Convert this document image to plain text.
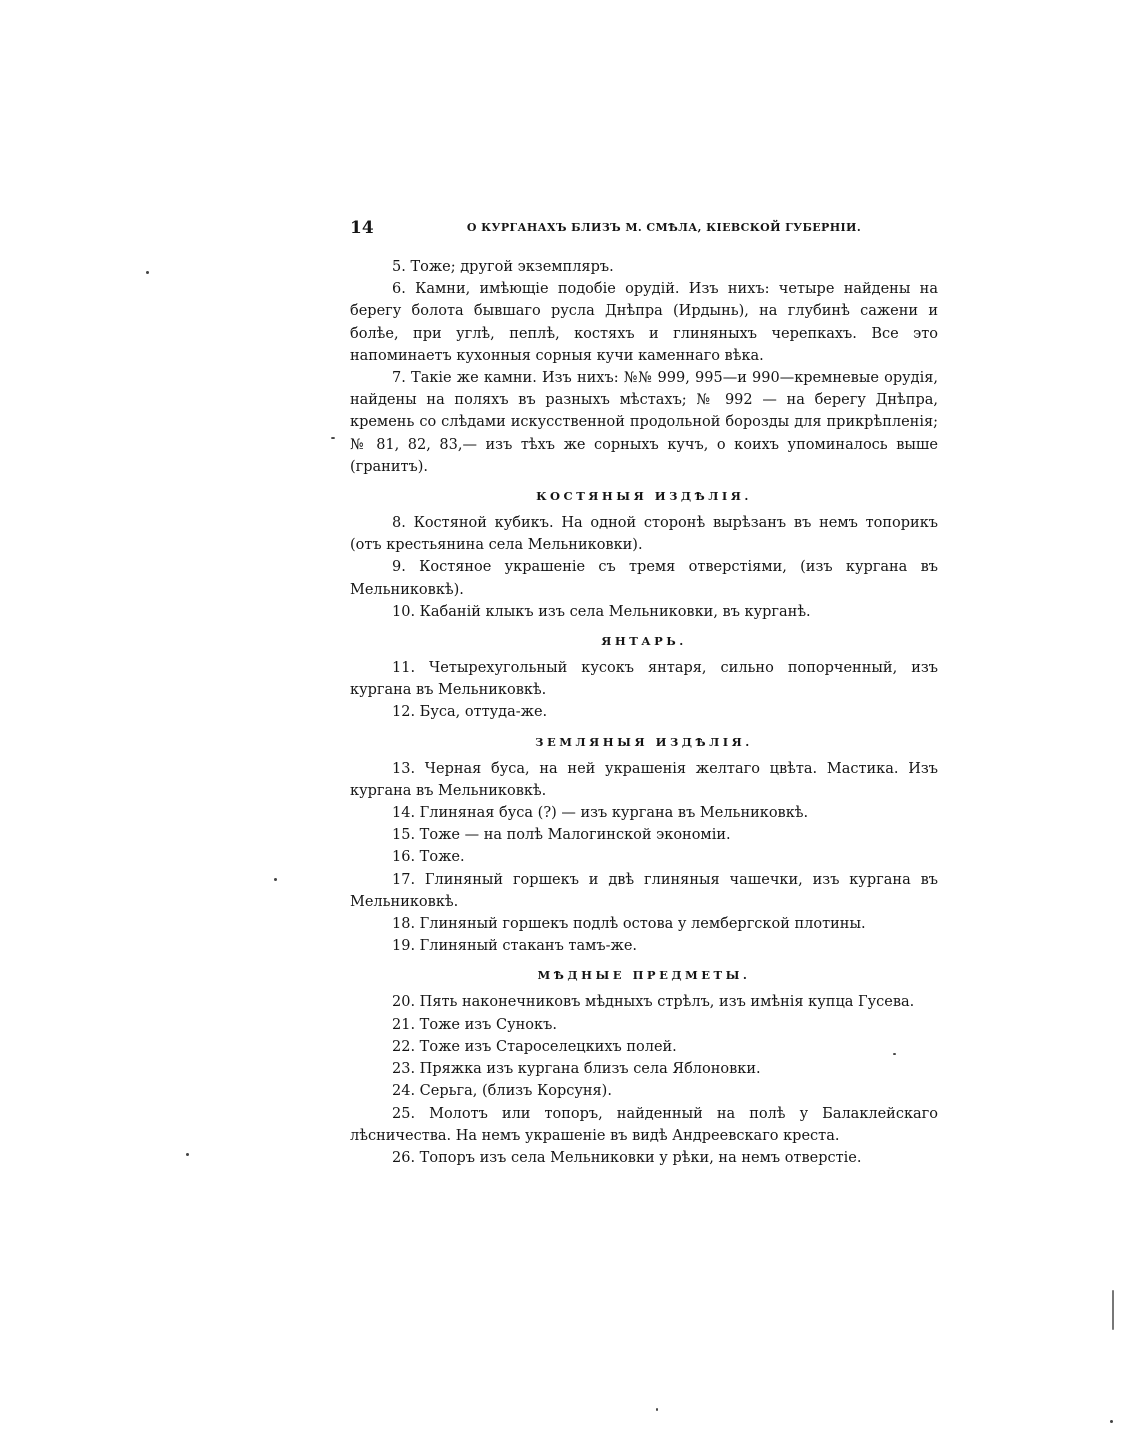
14	О КУРГАНАХЪ БЛИЗЪ М. СМѢЛА, КІЕВСКОЙ ГУБЕРНІИ.

5. Тоже; другой экземпляръ.

6. Камни, имѣющіе подобіе орудій. Изъ нихъ: четыре найдены на берегу болота бывшаго русла Днѣпра (Ирдынь), на глубинѣ сажени и болѣе, при углѣ, пеплѣ, костяхъ и глиняныхъ черепкахъ. Все это напоминаетъ кухонныя сорныя кучи каменнаго вѣка.

7. Такіе же камни. Изъ нихъ: №№ 999, 995—и 990—кремневые орудія, найдены на поляхъ въ разныхъ мѣстахъ; № 992 — на берегу Днѣпра, кремень со слѣдами искусственной продольной борозды для прикрѣпленія; № 81, 82, 83,— изъ тѣхъ же сорныхъ кучъ, о коихъ упоминалось выше (гранитъ).

КОСТЯНЫЯ ИЗДѢЛІЯ.

8. Костяной кубикъ. На одной сторонѣ вырѣзанъ въ немъ топорикъ (отъ крестьянина села Мельниковки).

9. Костяное украшеніе съ тремя отверстіями, (изъ кургана въ Мельниковкѣ).

10. Кабаній клыкъ изъ села Мельниковки, въ курганѣ.

ЯНТАРЬ.

11. Четырехугольный кусокъ янтаря, сильно попорченный, изъ кургана въ Мельниковкѣ.

12. Буса, оттуда-же.

ЗЕМЛЯНЫЯ ИЗДѢЛІЯ.

13. Черная буса, на ней украшенія желтаго цвѣта. Мастика. Изъ кургана въ Мельниковкѣ.

14. Глиняная буса (?) — изъ кургана въ Мельниковкѣ.

15. Тоже — на полѣ Малогинской экономіи.

16. Тоже.

17. Глиняный горшекъ и двѣ глиняныя чашечки, изъ кургана въ Мельниковкѣ.

18. Глиняный горшекъ подлѣ остова у лембергской плотины.

19. Глиняный стаканъ тамъ-же.

МѢДНЫЕ ПРЕДМЕТЫ.

20. Пять наконечниковъ мѣдныхъ стрѣлъ, изъ имѣнія купца Гусева.

21. Тоже изъ Сунокъ.

22. Тоже изъ Староселецкихъ полей.

23. Пряжка изъ кургана близъ села Яблоновки.

24. Серьга, (близъ Корсуня).

25. Молотъ или топоръ, найденный на полѣ у Балаклейскаго лѣсничества. На немъ украшеніе въ видѣ Андреевскаго креста.

26. Топоръ изъ села Мельниковки у рѣки, на немъ отверстіе.
